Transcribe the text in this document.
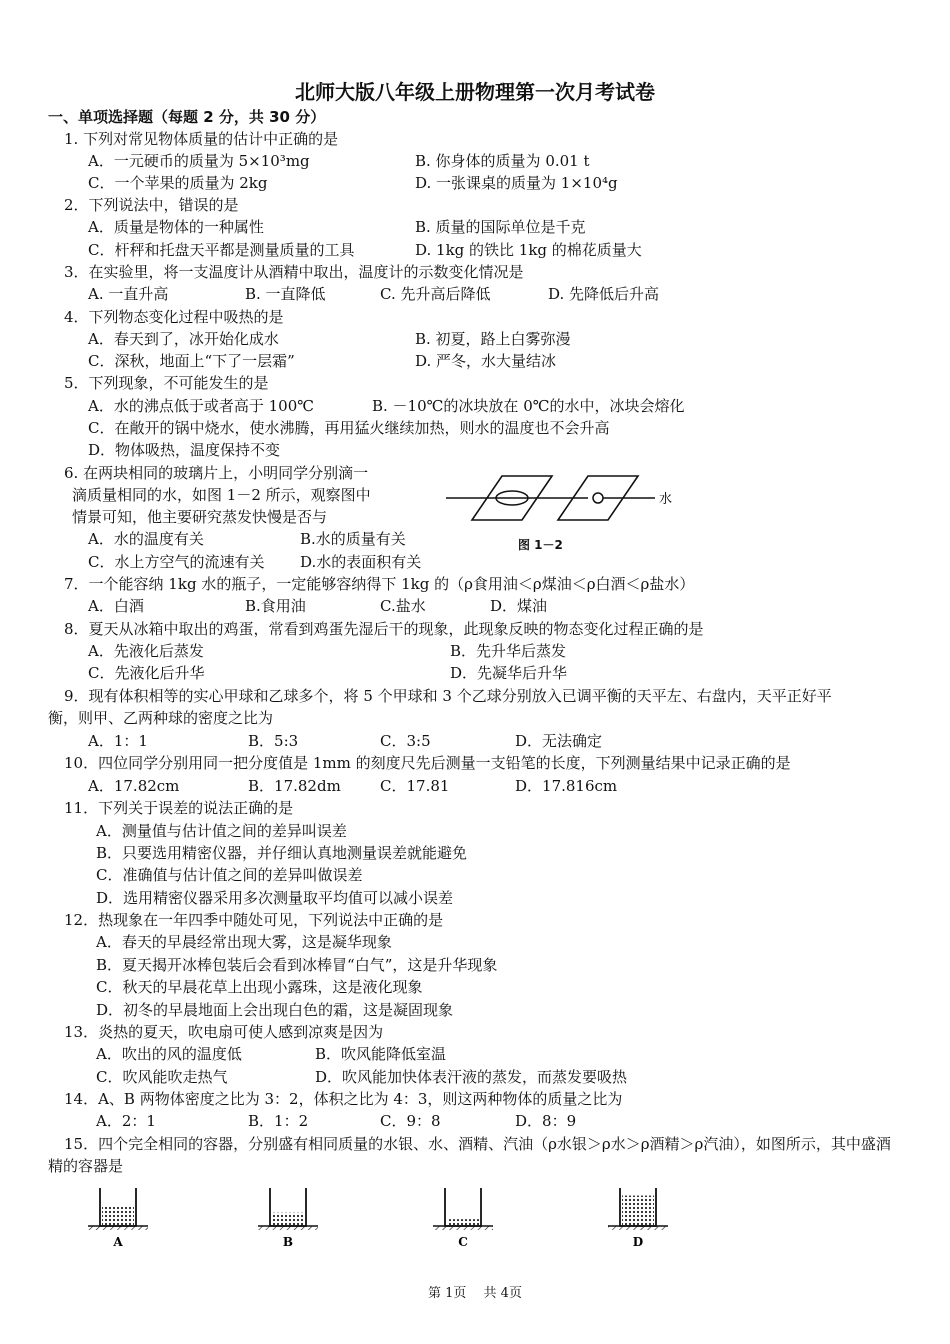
北师大版八年级上册物理第一次月考试卷
一、单项选择题（每题 2 分，共 30 分）
1. 下列对常见物体质量的估计中正确的是
A．一元硬币的质量为 5×10³mg	B. 你身体的质量为 0.01 t
C．一个苹果的质量为 2kg	D. 一张课桌的质量为 1×10⁴g
2．下列说法中，错误的是
A．质量是物体的一种属性	B. 质量的国际单位是千克
C．杆秤和托盘天平都是测量质量的工具	D. 1kg 的铁比 1kg 的棉花质量大
3．在实验里，将一支温度计从酒精中取出，温度计的示数变化情况是
A. 一直升高	B. 一直降低	C. 先升高后降低	D. 先降低后升高
4．下列物态变化过程中吸热的是
A．春天到了，冰开始化成水	B. 初夏，路上白雾弥漫
C．深秋，地面上“下了一层霜”	D. 严冬，水大量结冰
5．下列现象，不可能发生的是
A．水的沸点低于或者高于 100℃	B. －10℃的冰块放在 0℃的水中，冰块会熔化
C．在敞开的锅中烧水，使水沸腾，再用猛火继续加热，则水的温度也不会升高
D．物体吸热，温度保持不变
6. 在两块相同的玻璃片上，小明同学分别滴一
滴质量相同的水，如图 1－2 所示，观察图中
情景可知，他主要研究蒸发快慢是否与
A．水的温度有关	B.水的质量有关
C．水上方空气的流速有关 D.水的表面积有关
水
图 1－2
7．一个能容纳 1kg 水的瓶子，一定能够容纳得下 1kg 的（ρ食用油＜ρ煤油＜ρ白酒＜ρ盐水）
A．白酒	B.食用油	C.盐水	D．煤油
8．夏天从冰箱中取出的鸡蛋，常看到鸡蛋先湿后干的现象，此现象反映的物态变化过程正确的是
A．先液化后蒸发	B．先升华后蒸发
C．先液化后升华	D．先凝华后升华
9．现有体积相等的实心甲球和乙球多个，将 5 个甲球和 3 个乙球分别放入已调平衡的天平左、右盘内，天平正好平
衡，则甲、乙两种球的密度之比为
A．1：1	B．5:3	C．3:5	D．无法确定
10．四位同学分别用同一把分度值是 1mm 的刻度尺先后测量一支铅笔的长度，下列测量结果中记录正确的是
A．17.82cm	B．17.82dm	C．17.81	D．17.816cm
11．下列关于误差的说法正确的是
A．测量值与估计值之间的差异叫误差
B．只要选用精密仪器，并仔细认真地测量误差就能避免
C．准确值与估计值之间的差异叫做误差
D．选用精密仪器采用多次测量取平均值可以减小误差
12．热现象在一年四季中随处可见，下列说法中正确的是
A．春天的早晨经常出现大雾，这是凝华现象
B．夏天揭开冰棒包装后会看到冰棒冒“白气”，这是升华现象
C．秋天的早晨花草上出现小露珠，这是液化现象
D．初冬的早晨地面上会出现白色的霜，这是凝固现象
13．炎热的夏天，吹电扇可使人感到凉爽是因为
A．吹出的风的温度低	B．吹风能降低室温
C．吹风能吹走热气	D．吹风能加快体表汗液的蒸发，而蒸发要吸热
14．A、B 两物体密度之比为 3：2，体积之比为 4：3，则这两种物体的质量之比为
A．2：1	B．1：2	C．9：8	D．8：9
15．四个完全相同的容器，分别盛有相同质量的水银、水、酒精、汽油（ρ水银＞ρ水＞ρ酒精＞ρ汽油），如图所示，其中盛酒
精的容器是
A	B	C	D
第 1页　 共 4页
